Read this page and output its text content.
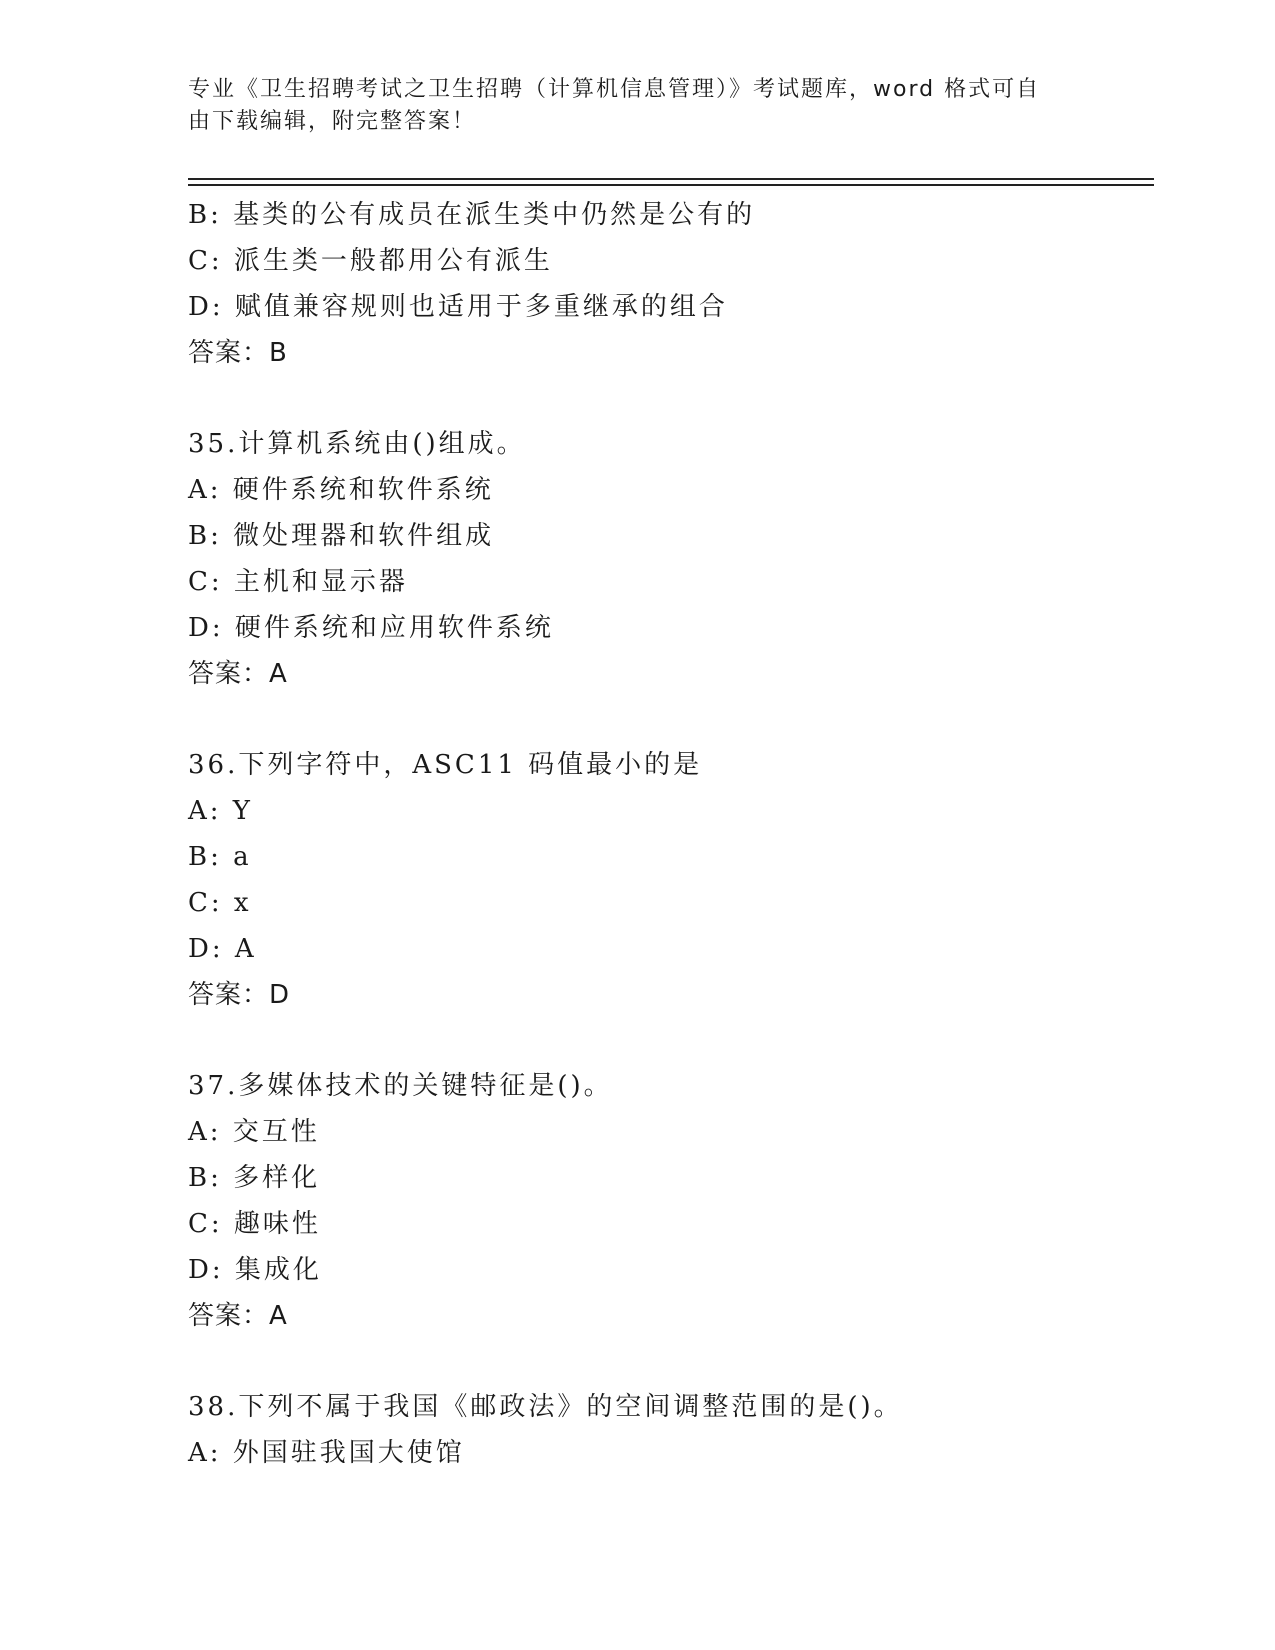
专业《卫生招聘考试之卫生招聘（计算机信息管理）》考试题库，word 格式可自
由下载编辑，附完整答案！
B: 基类的公有成员在派生类中仍然是公有的
C: 派生类一般都用公有派生
D: 赋值兼容规则也适用于多重继承的组合
答案：B
35.计算机系统由()组成。
A: 硬件系统和软件系统
B: 微处理器和软件组成
C: 主机和显示器
D: 硬件系统和应用软件系统
答案：A
36.下列字符中，ASC11 码值最小的是
A: Y
B: a
C: x
D: A
答案：D
37.多媒体技术的关键特征是()。
A: 交互性
B: 多样化
C: 趣味性
D: 集成化
答案：A
38.下列不属于我国《邮政法》的空间调整范围的是()。
A: 外国驻我国大使馆
